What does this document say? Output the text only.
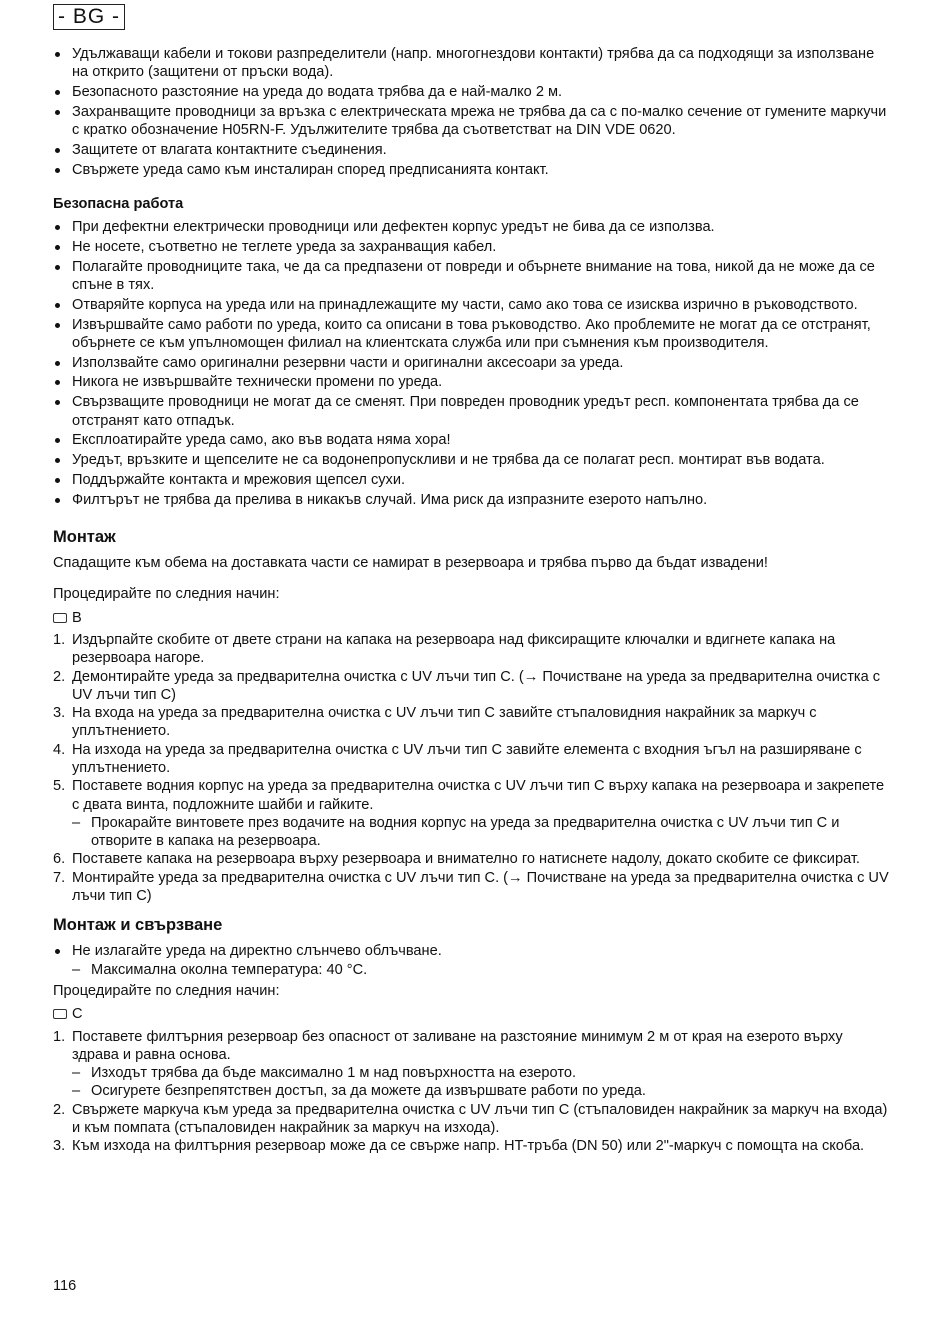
- BG -
Удължаващи кабели и токови разпределители (напр. многогнездови контакти) трябва да са подходящи за използване на открито (защитени от пръски вода).
Безопасното разстояние на уреда до водата трябва да е най-малко 2 м.
Захранващите проводници за връзка с електрическата мрежа не трябва да са с по-малко сечение от гумените маркучи с кратко обозначение H05RN-F. Удължителите трябва да съответстват на DIN VDE 0620.
Защитете от влагата контактните съединения.
Свържете уреда само към инсталиран според предписанията контакт.
Безопасна работа
При дефектни електрически проводници или дефектен корпус уредът не бива да се използва.
Не носете, съответно не теглете уреда за захранващия кабел.
Полагайте проводниците така, че да са предпазени от повреди и обърнете внимание на това, никой да не може да се спъне в тях.
Отваряйте корпуса на уреда или на принадлежащите му части, само ако това се изисква изрично в ръководството.
Извършвайте само работи по уреда, които са описани в това ръководство. Ако проблемите не могат да се отстранят, обърнете се към упълномощен филиал на клиентската служба или при съмнения към производителя.
Използвайте само оригинални резервни части и оригинални аксесоари за уреда.
Никога не извършвайте технически промени по уреда.
Свързващите проводници не могат да се сменят. При повреден проводник уредът респ. компонентата трябва да се отстранят като отпадък.
Експлоатирайте уреда само, ако във водата няма хора!
Уредът, връзките и щепселите не са водонепропускливи и не трябва да се полагат респ. монтират във водата.
Поддържайте контакта и мрежовия щепсел сухи.
Филтърът не трябва да прелива в никакъв случай. Има риск да изпразните езерото напълно.
Монтаж

Спадащите към обема на доставката части се намират в резервоара и трябва първо да бъдат извадени!

Процедирайте по следния начин:

B
1. Издърпайте скобите от двете страни на капака на резервоара над фиксиращите ключалки и вдигнете капака на резервоара нагоре.
2. Демонтирайте уреда за предварителна очистка с UV лъчи тип C. (→ Почистване на уреда за предварителна очистка с UV лъчи тип C)
3. На входа на уреда за предварителна очистка с UV лъчи тип C завийте стъпаловидния накрайник за маркуч с уплътнението.
4. На изхода на уреда за предварителна очистка с UV лъчи тип C завийте елемента с входния ъгъл на разширяване с уплътнението.
5. Поставете водния корпус на уреда за предварителна очистка с UV лъчи тип C върху капака на резервоара и закрепете с двата винта, подложните шайби и гайките.
– Прокарайте винтовете през водачите на водния корпус на уреда за предварителна очистка с UV лъчи тип C и отворите в капака на резервоара.
6. Поставете капака на резервоара върху резервоара и внимателно го натиснете надолу, докато скобите се фиксират.
7. Монтирайте уреда за предварителна очистка с UV лъчи тип C. (→ Почистване на уреда за предварителна очистка с UV лъчи тип C)
Монтаж и свързване
Не излагайте уреда на директно слънчево облъчване.
– Максимална околна температура: 40 °C.

Процедирайте по следния начин:

C
1. Поставете филтърния резервоар без опасност от заливане на разстояние минимум 2 м от края на езерото върху здрава и равна основа.
– Изходът трябва да бъде максимално 1 м над повърхността на езерото.
– Осигурете безпрепятствен достъп, за да можете да извършвате работи по уреда.
2. Свържете маркуча към уреда за предварителна очистка с UV лъчи тип C (стъпаловиден накрайник за маркуч на входа) и към помпата (стъпаловиден накрайник за маркуч на изхода).
3. Към изхода на филтърния резервоар може да се свърже напр. HT-тръба (DN 50) или 2"-маркуч с помощта на скоба.
116
